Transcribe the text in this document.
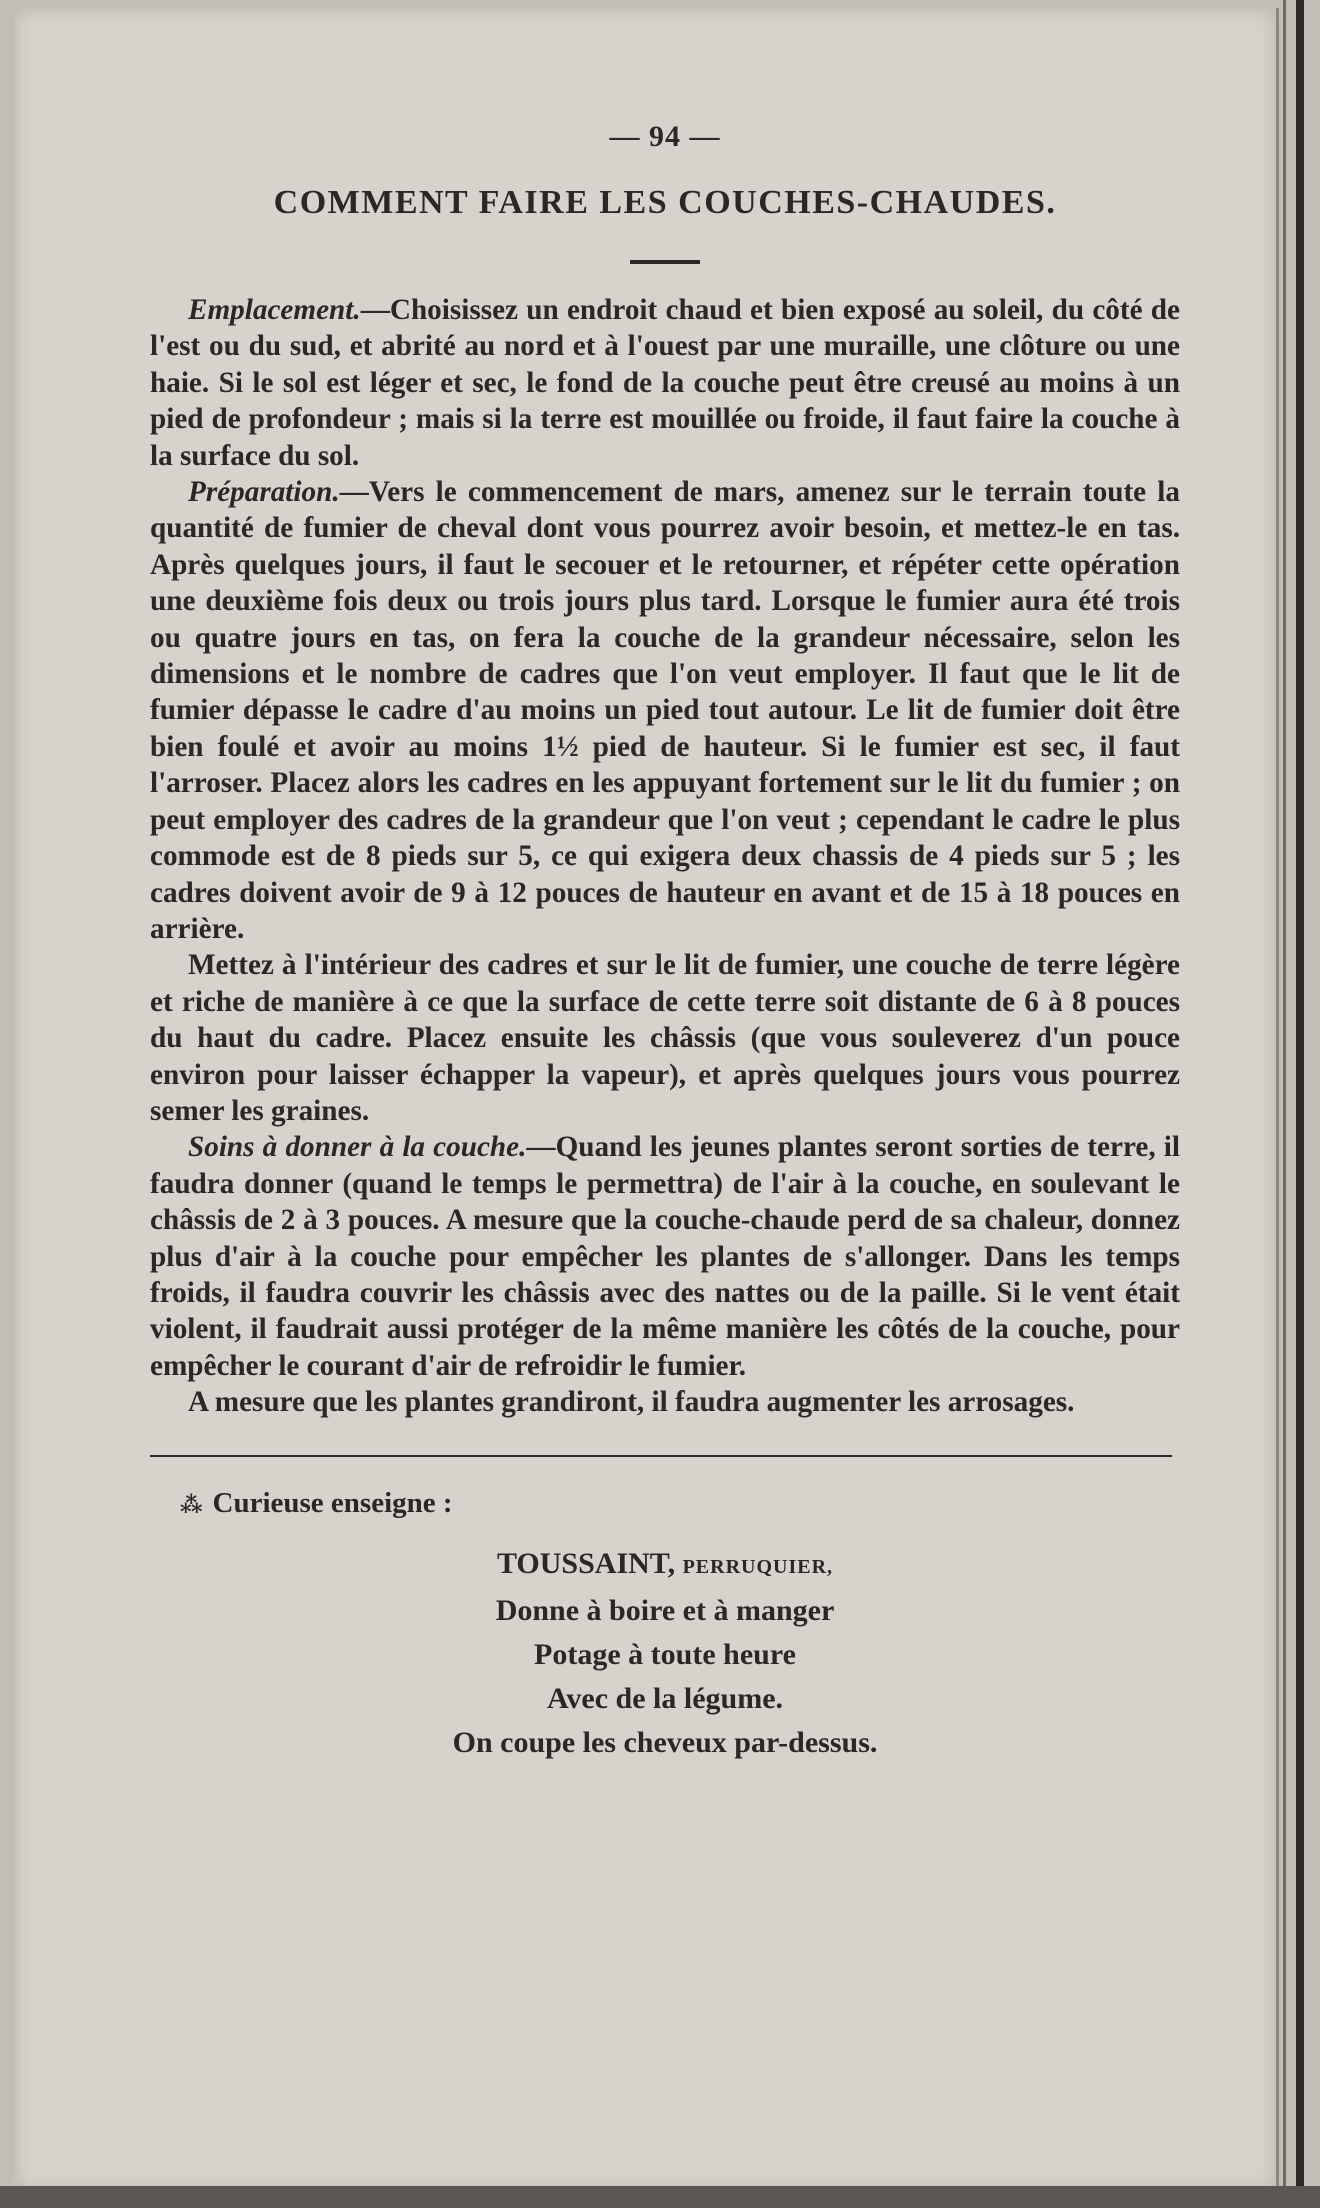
— 94 —
COMMENT FAIRE LES COUCHES-CHAUDES.

Emplacement.—Choisissez un endroit chaud et bien exposé au soleil, du côté de l'est ou du sud, et abrité au nord et à l'ouest par une muraille, une clôture ou une haie. Si le sol est léger et sec, le fond de la couche peut être creusé au moins à un pied de profondeur ; mais si la terre est mouillée ou froide, il faut faire la couche à la surface du sol.

Préparation.—Vers le commencement de mars, amenez sur le terrain toute la quantité de fumier de cheval dont vous pourrez avoir besoin, et mettez-le en tas. Après quelques jours, il faut le secouer et le retourner, et répéter cette opération une deuxième fois deux ou trois jours plus tard. Lorsque le fumier aura été trois ou quatre jours en tas, on fera la couche de la grandeur nécessaire, selon les dimensions et le nombre de cadres que l'on veut employer. Il faut que le lit de fumier dépasse le cadre d'au moins un pied tout autour. Le lit de fumier doit être bien foulé et avoir au moins 1½ pied de hauteur. Si le fumier est sec, il faut l'arroser. Placez alors les cadres en les appuyant fortement sur le lit du fumier ; on peut employer des cadres de la grandeur que l'on veut ; cependant le cadre le plus commode est de 8 pieds sur 5, ce qui exigera deux chassis de 4 pieds sur 5 ; les cadres doivent avoir de 9 à 12 pouces de hauteur en avant et de 15 à 18 pouces en arrière.

Mettez à l'intérieur des cadres et sur le lit de fumier, une couche de terre légère et riche de manière à ce que la surface de cette terre soit distante de 6 à 8 pouces du haut du cadre. Placez ensuite les châssis (que vous souleverez d'un pouce environ pour laisser échapper la vapeur), et après quelques jours vous pourrez semer les graines.

Soins à donner à la couche.—Quand les jeunes plantes seront sorties de terre, il faudra donner (quand le temps le permettra) de l'air à la couche, en soulevant le châssis de 2 à 3 pouces. A mesure que la couche-chaude perd de sa chaleur, donnez plus d'air à la couche pour empêcher les plantes de s'allonger. Dans les temps froids, il faudra couvrir les châssis avec des nattes ou de la paille. Si le vent était violent, il faudrait aussi protéger de la même manière les côtés de la couche, pour empêcher le courant d'air de refroidir le fumier.

A mesure que les plantes grandiront, il faudra augmenter les arrosages.

⁂ Curieuse enseigne :
TOUSSAINT, PERRUQUIER,
Donne à boire et à manger
Potage à toute heure
Avec de la légume.
On coupe les cheveux par-dessus.
